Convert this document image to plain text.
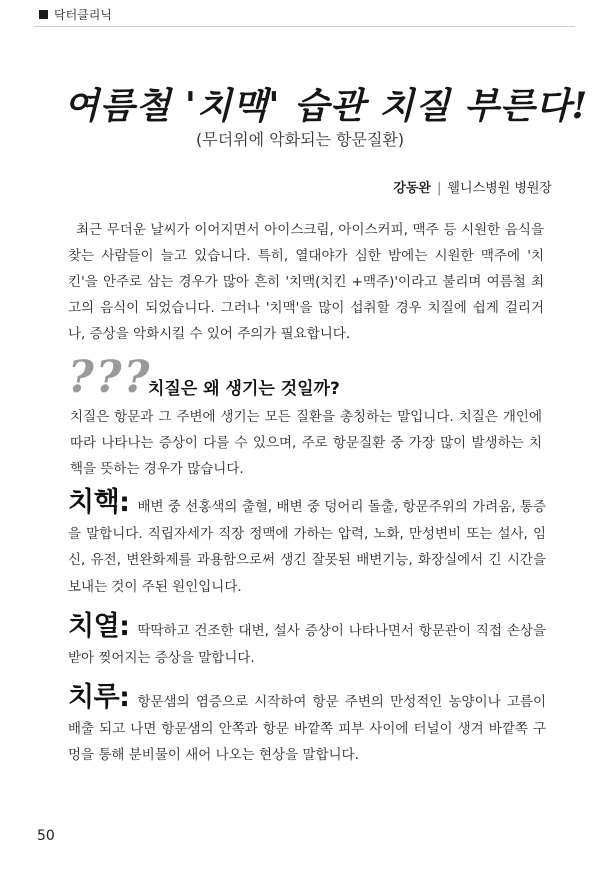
닥터클리닉
여름철 '치맥' 습관 치질 부른다!
(무더위에 악화되는 항문질환)
강동완 | 웰니스병원 병원장
최근 무더운 날씨가 이어지면서 아이스크림, 아이스커피, 맥주 등 시원한 음식을 찾는 사람들이 늘고 있습니다. 특히, 열대야가 심한 밤에는 시원한 맥주에 '치킨'을 안주로 삼는 경우가 많아 흔히 '치맥(치킨 +맥주)'이라고 불리며 여름철 최고의 음식이 되었습니다. 그러나 '치맥'을 많이 섭취할 경우 치질에 쉽게 걸리거나, 증상을 악화시킬 수 있어 주의가 필요합니다.
? ? ?
치질은 왜 생기는 것일까?
치질은 항문과 그 주변에 생기는 모든 질환을 총칭하는 말입니다. 치질은 개인에 따라 나타나는 증상이 다를 수 있으며, 주로 항문질환 중 가장 많이 발생하는 치핵을 뜻하는 경우가 많습니다.
치핵: 배변 중 선홍색의 출혈, 배변 중 덩어리 돌출, 항문주위의 가려움, 통증을 말합니다. 직립자세가 직장 정맥에 가하는 압력, 노화, 만성변비 또는 설사, 임신, 유전, 변완화제를 과용함으로써 생긴 잘못된 배변기능, 화장실에서 긴 시간을 보내는 것이 주된 원인입니다.
치열: 딱딱하고 건조한 대변, 설사 증상이 나타나면서 항문관이 직접 손상을 받아 찢어지는 증상을 말합니다.
치루: 항문샘의 염증으로 시작하여 항문 주변의 만성적인 농양이나 고름이 배출 되고 나면 항문샘의 안쪽과 항문 바깥쪽 피부 사이에 터널이 생겨 바깥쪽 구멍을 통해 분비물이 새어 나오는 현상을 말합니다.
50
